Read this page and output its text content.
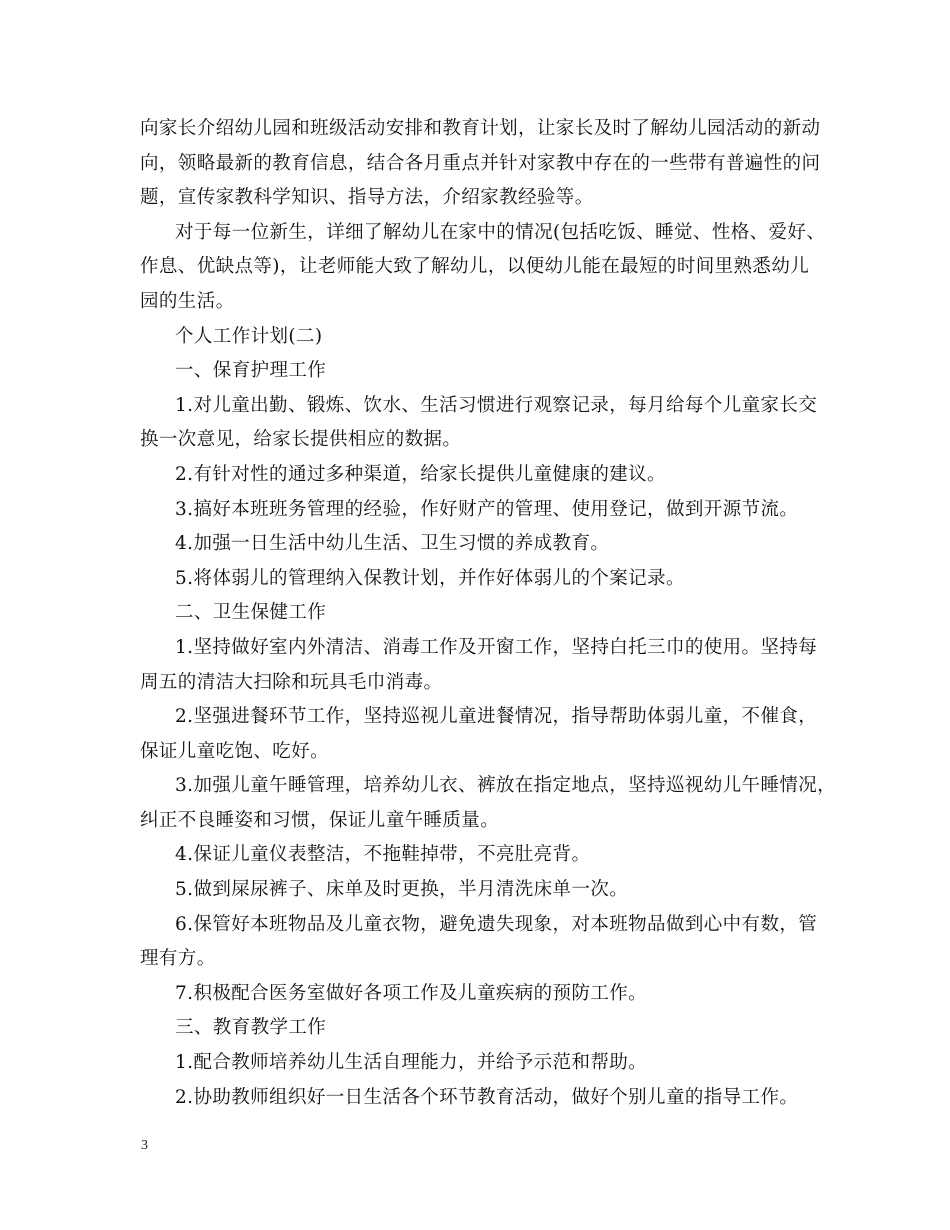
向家长介绍幼儿园和班级活动安排和教育计划，让家长及时了解幼儿园活动的新动
向，领略最新的教育信息，结合各月重点并针对家教中存在的一些带有普遍性的问
题，宣传家教科学知识、指导方法，介绍家教经验等。
对于每一位新生，详细了解幼儿在家中的情况(包括吃饭、睡觉、性格、爱好、
作息、优缺点等)，让老师能大致了解幼儿，以便幼儿能在最短的时间里熟悉幼儿
园的生活。
个人工作计划(二)
一、保育护理工作
1.对儿童出勤、锻炼、饮水、生活习惯进行观察记录，每月给每个儿童家长交
换一次意见，给家长提供相应的数据。
2.有针对性的通过多种渠道，给家长提供儿童健康的建议。
3.搞好本班班务管理的经验，作好财产的管理、使用登记，做到开源节流。
4.加强一日生活中幼儿生活、卫生习惯的养成教育。
5.将体弱儿的管理纳入保教计划，并作好体弱儿的个案记录。
二、卫生保健工作
1.坚持做好室内外清洁、消毒工作及开窗工作，坚持白托三巾的使用。坚持每
周五的清洁大扫除和玩具毛巾消毒。
2.坚强进餐环节工作，坚持巡视儿童进餐情况，指导帮助体弱儿童，不催食，
保证儿童吃饱、吃好。
3.加强儿童午睡管理，培养幼儿衣、裤放在指定地点，坚持巡视幼儿午睡情况，
纠正不良睡姿和习惯，保证儿童午睡质量。
4.保证儿童仪表整洁，不拖鞋掉带，不亮肚亮背。
5.做到屎尿裤子、床单及时更换，半月清洗床单一次。
6.保管好本班物品及儿童衣物，避免遗失现象，对本班物品做到心中有数，管
理有方。
7.积极配合医务室做好各项工作及儿童疾病的预防工作。
三、教育教学工作
1.配合教师培养幼儿生活自理能力，并给予示范和帮助。
2.协助教师组织好一日生活各个环节教育活动，做好个别儿童的指导工作。
3
